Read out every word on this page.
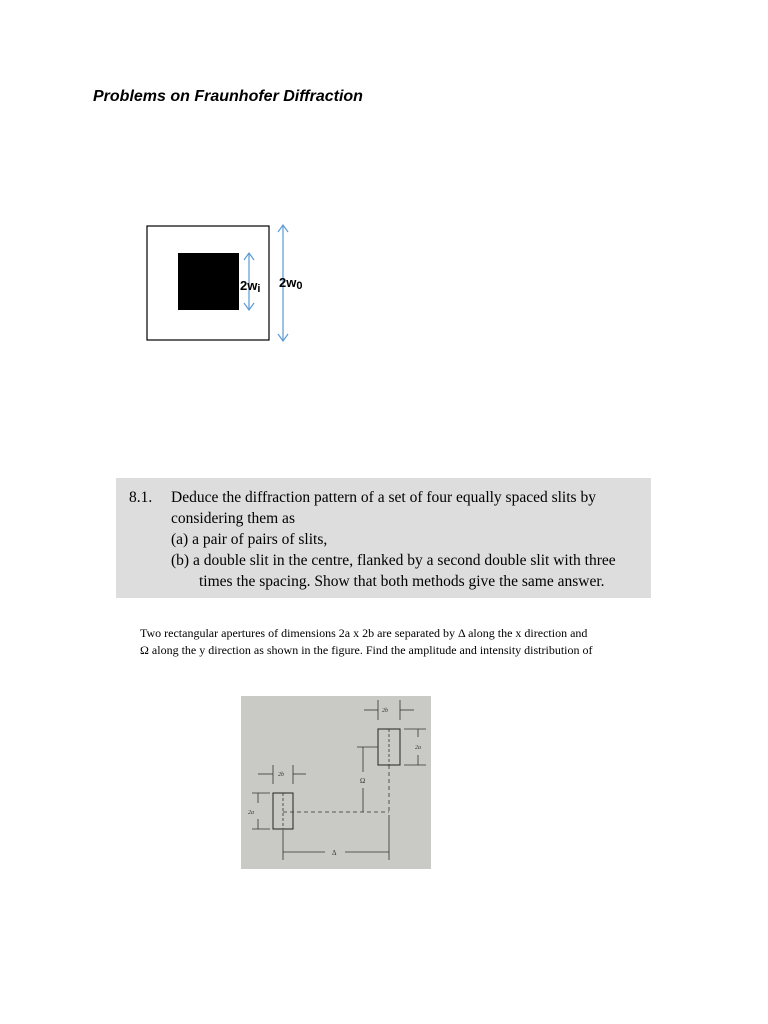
Problems on Fraunhofer Diffraction
$2w_i$ $2w_0$
8.1. Deduce the diffraction pattern of a set of four equally spaced slits by
considering them as
(a) a pair of pairs of slits,
(b) a double slit in the centre, flanked by a second double slit with three
times the spacing. Show that both methods give the same answer.
Two rectangular apertures of dimensions 2a x 2b are separated by Δ along the x direction and
Ω along the y direction as shown in the figure. Find the amplitude and intensity distribution of
2b
2a
2b
2a
Ω
Δ
